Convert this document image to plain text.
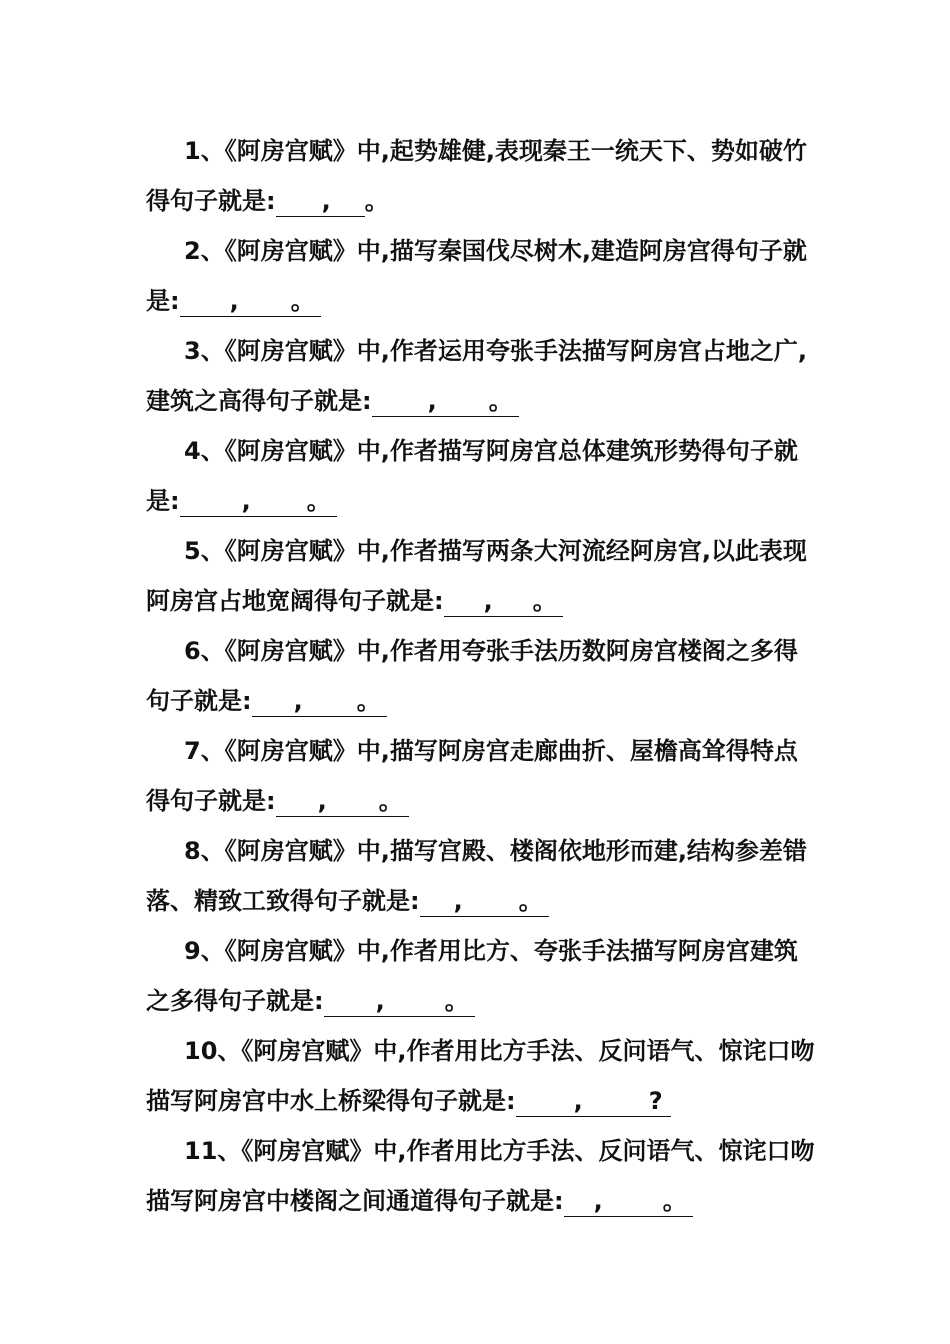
1、《阿房宫赋》中,起势雄健,表现秦王一统天下、势如破竹得句子就是: , 。
2、《阿房宫赋》中,描写秦国伐尽树木,建造阿房宫得句子就是: , 。
3、《阿房宫赋》中,作者运用夸张手法描写阿房宫占地之广,建筑之高得句子就是: , 。
4、《阿房宫赋》中,作者描写阿房宫总体建筑形势得句子就是:	, 。
5、《阿房宫赋》中,作者描写两条大河流经阿房宫,以此表现阿房宫占地宽阔得句子就是: , 。
6、《阿房宫赋》中,作者用夸张手法历数阿房宫楼阁之多得句子就是: , 。
7、《阿房宫赋》中,描写阿房宫走廊曲折、屋檐高耸得特点得句子就是: , 。
8、《阿房宫赋》中,描写宫殿、楼阁依地形而建,结构参差错落、精致工致得句子就是: , 。
9、《阿房宫赋》中,作者用比方、夸张手法描写阿房宫建筑之多得句子就是: ,	。
10、《阿房宫赋》中,作者用比方手法、反问语气、惊诧口吻描写阿房宫中水上桥梁得句子就是: ,	?
11、《阿房宫赋》中,作者用比方手法、反问语气、惊诧口吻描写阿房宫中楼阁之间通道得句子就是: ,	。
